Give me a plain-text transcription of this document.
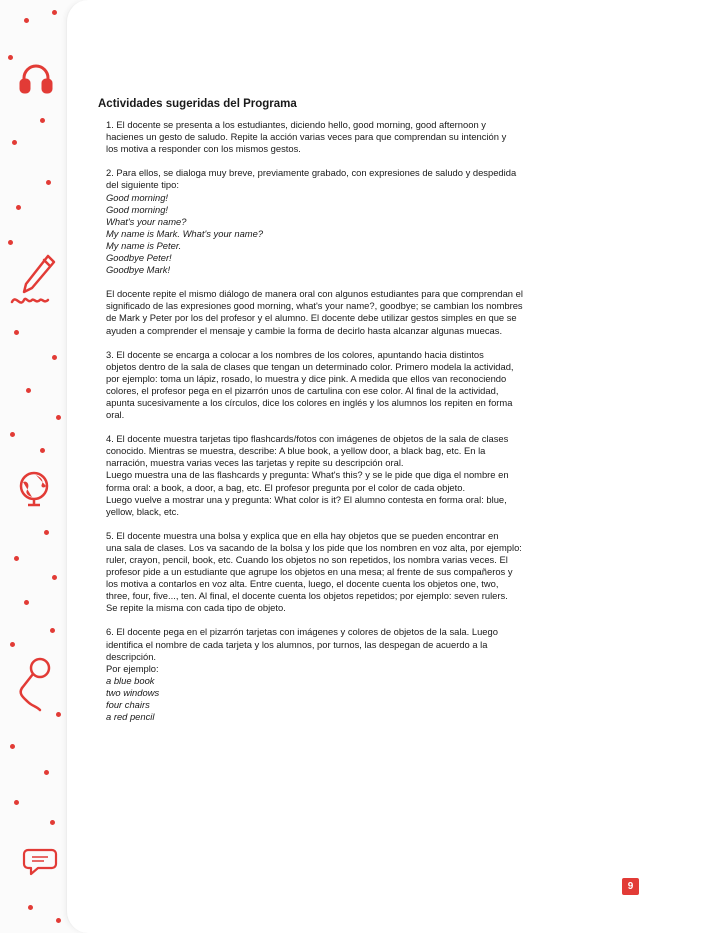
Actividades sugeridas del Programa

1. El docente se presenta a los estudiantes, diciendo hello, good morning, good afternoon y

hacienes un gesto de saludo. Repite la acción varias veces para que comprendan su intención y

los motiva a responder con los mismos gestos.

2. Para ellos, se dialoga muy breve, previamente grabado, con expresiones de saludo y despedida

del siguiente tipo:

Good morning!

Good morning!

What's your name?

My name is Mark. What's your name?

My name is Peter.

Goodbye Peter!

Goodbye Mark!

El docente repite el mismo diálogo de manera oral con algunos estudiantes para que comprendan el

significado de las expresiones good morning, what's your name?, goodbye; se cambian los nombres

de Mark y Peter por los del profesor y el alumno. El docente debe utilizar gestos simples en que se

ayuden a comprender el mensaje y cambie la forma de decirlo hasta alcanzar algunas muecas.

3. El docente se encarga a colocar a los nombres de los colores, apuntando hacia distintos

objetos dentro de la sala de clases que tengan un determinado color. Primero modela la actividad,

por ejemplo: toma un lápiz, rosado, lo muestra y dice pink. A medida que ellos van reconociendo

colores, el profesor pega en el pizarrón unos de cartulina con ese color. Al final de la actividad,

apunta sucesivamente a los círculos, dice los colores en inglés y los alumnos los repiten en forma

oral.

4. El docente muestra tarjetas tipo flashcards/fotos con imágenes de objetos de la sala de clases

conocido. Mientras se muestra, describe: A blue book, a yellow door, a black bag, etc. En la

narración, muestra varias veces las tarjetas y repite su descripción oral.

Luego muestra una de las flashcards y pregunta: What's this? y se le pide que diga el nombre en

forma oral: a book, a door, a bag, etc. El profesor pregunta por el color de cada objeto.

Luego vuelve a mostrar una y pregunta: What color is it? El alumno contesta en forma oral: blue,

yellow, black, etc.

5. El docente muestra una bolsa y explica que en ella hay objetos que se pueden encontrar en

una sala de clases. Los va sacando de la bolsa y los pide que los nombren en voz alta, por ejemplo:

ruler, crayon, pencil, book, etc. Cuando los objetos no son repetidos, los nombra varias veces. El

profesor pide a un estudiante que agrupe los objetos en una mesa; al frente de sus compañeros y

los motiva a contarlos en voz alta. Entre cuenta, luego, el docente cuenta los objetos one, two,

three, four, five..., ten. Al final, el docente cuenta los objetos repetidos; por ejemplo: seven rulers.

Se repite la misma con cada tipo de objeto.

6. El docente pega en el pizarrón tarjetas con imágenes y colores de objetos de la sala. Luego

identifica el nombre de cada tarjeta y los alumnos, por turnos, las despegan de acuerdo a la

descripción.

Por ejemplo:

a blue book

two windows

four chairs

a red pencil

9
